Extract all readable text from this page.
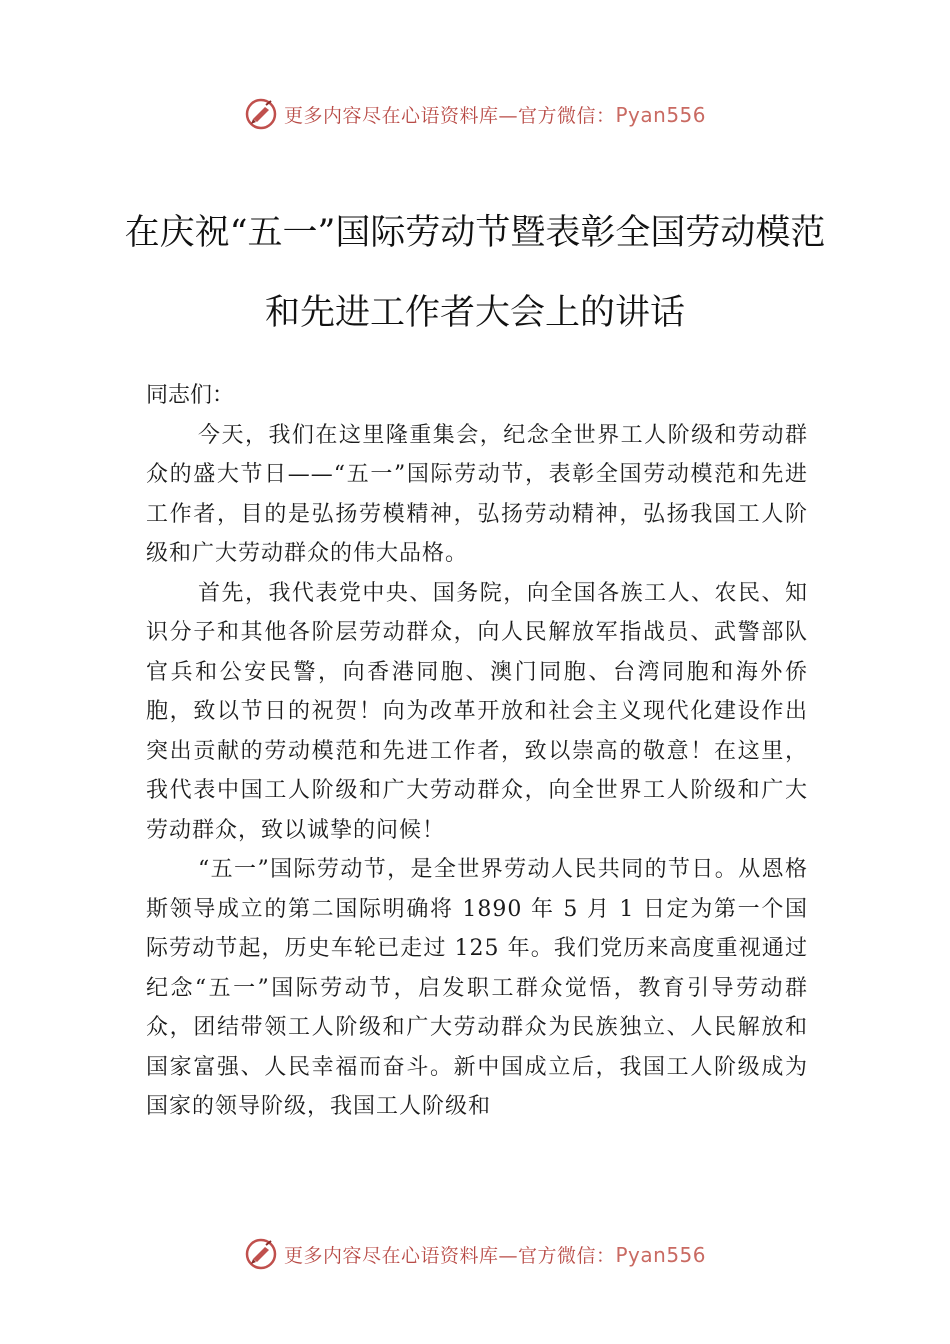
更多内容尽在心语资料库—官方微信：Pyan556
在庆祝“五一”国际劳动节暨表彰全国劳动模范和先进工作者大会上的讲话

同志们：

今天，我们在这里隆重集会，纪念全世界工人阶级和劳动群众的盛大节日——“五一”国际劳动节，表彰全国劳动模范和先进工作者，目的是弘扬劳模精神，弘扬劳动精神，弘扬我国工人阶级和广大劳动群众的伟大品格。

首先，我代表党中央、国务院，向全国各族工人、农民、知识分子和其他各阶层劳动群众，向人民解放军指战员、武警部队官兵和公安民警，向香港同胞、澳门同胞、台湾同胞和海外侨胞，致以节日的祝贺！向为改革开放和社会主义现代化建设作出突出贡献的劳动模范和先进工作者，致以崇高的敬意！在这里，我代表中国工人阶级和广大劳动群众，向全世界工人阶级和广大劳动群众，致以诚挚的问候！

“五一”国际劳动节，是全世界劳动人民共同的节日。从恩格斯领导成立的第二国际明确将 1890 年 5 月 1 日定为第一个国际劳动节起，历史车轮已走过 125 年。我们党历来高度重视通过纪念“五一”国际劳动节，启发职工群众觉悟，教育引导劳动群众，团结带领工人阶级和广大劳动群众为民族独立、人民解放和国家富强、人民幸福而奋斗。新中国成立后，我国工人阶级成为国家的领导阶级，我国工人阶级和

更多内容尽在心语资料库—官方微信：Pyan556
